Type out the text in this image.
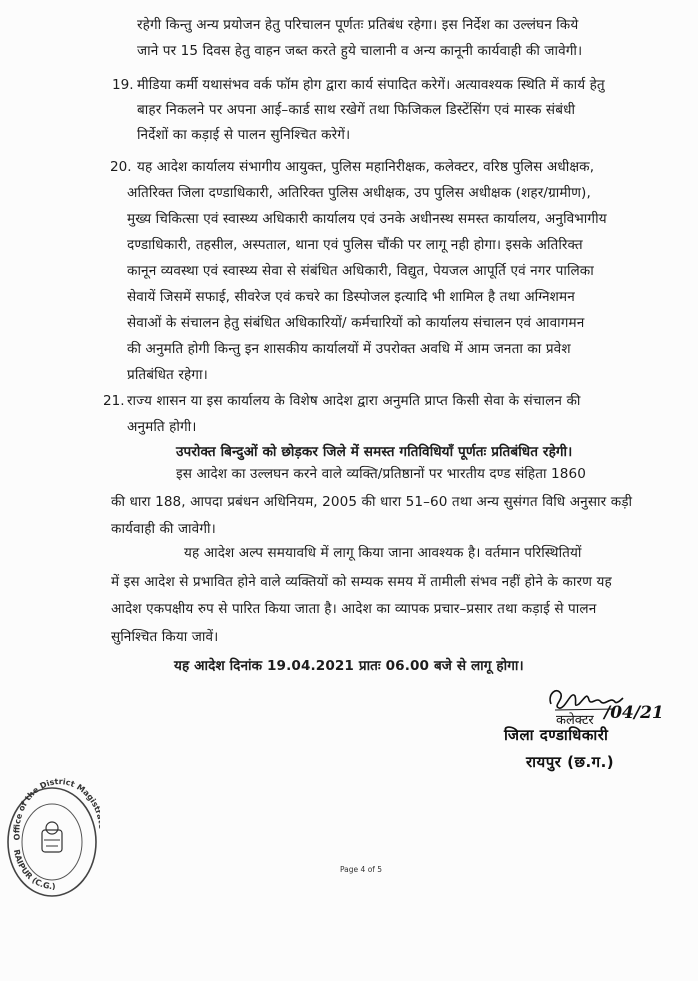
रहेगी किन्तु अन्य प्रयोजन हेतु परिचालन पूर्णतः प्रतिबंध रहेगा। इस निर्देश का उल्लंघन किये
जाने पर 15 दिवस हेतु वाहन जब्त करते हुये चालानी व अन्य कानूनी कार्यवाही की जावेगी।
19. मीडिया कर्मी यथासंभव वर्क फॉम होग द्वारा कार्य संपादित करेगें। अत्यावश्यक स्थिति में कार्य हेतु
बाहर निकलने पर अपना आई–कार्ड साथ रखेगें तथा फिजिकल डिस्टेंसिंग एवं मास्क संबंधी
निर्देशों का कड़ाई से पालन सुनिश्चित करेगें।
20. यह आदेश कार्यालय संभागीय आयुक्त, पुलिस महानिरीक्षक, कलेक्टर, वरिष्ठ पुलिस अधीक्षक,
अतिरिक्त जिला दण्डाधिकारी, अतिरिक्त पुलिस अधीक्षक, उप पुलिस अधीक्षक (शहर/ग्रामीण),
मुख्य चिकित्सा एवं स्वास्थ्य अधिकारी कार्यालय एवं उनके अधीनस्थ समस्त कार्यालय, अनुविभागीय
दण्डाधिकारी, तहसील, अस्पताल, थाना एवं पुलिस चौंकी पर लागू नही होगा। इसके अतिरिक्त
कानून व्यवस्था एवं स्वास्थ्य सेवा से संबंधित अधिकारी, विद्युत, पेयजल आपूर्ति एवं नगर पालिका
सेवायें जिसमें सफाई, सीवरेज एवं कचरे का डिस्पोजल इत्यादि भी शामिल है तथा अग्निशमन
सेवाओं के संचालन हेतु संबंधित अधिकारियों/ कर्मचारियों को कार्यालय संचालन एवं आवागमन
की अनुमति होगी किन्तु इन शासकीय कार्यालयों में उपरोक्त अवधि में आम जनता का प्रवेश
प्रतिबंधित रहेगा।
21. राज्य शासन या इस कार्यालय के विशेष आदेश द्वारा अनुमति प्राप्त किसी सेवा के संचालन की
अनुमति होगी।
उपरोक्त बिन्दुओं को छोड़कर जिले में समस्त गतिविधियॉं पूर्णतः प्रतिबंधित रहेगी।
इस आदेश का उल्लघन करने वाले व्यक्ति/प्रतिष्ठानों पर भारतीय दण्ड संहिता 1860
की धारा 188, आपदा प्रबंधन अधिनियम, 2005 की धारा 51–60 तथा अन्य सुसंगत विधि अनुसार कड़ी
कार्यवाही की जावेगी।
यह आदेश अल्प समयावधि में लागू किया जाना आवश्यक है। वर्तमान परिस्थितियों
में इस आदेश से प्रभावित होने वाले व्यक्तियों को सम्यक समय में तामीली संभव नहीं होने के कारण यह
आदेश एकपक्षीय रुप से पारित किया जाता है। आदेश का व्यापक प्रचार–प्रसार तथा कड़ाई से पालन
सुनिश्चित किया जावें।
यह आदेश दिनांक 19.04.2021 प्रातः 06.00 बजे से लागू होगा।
कलेक्टर /04/21
जिला दण्डाधिकारी
रायपुर (छ.ग.)
Office of the District Magis
RAIPUR (C.G.)
Page 4 of 5
